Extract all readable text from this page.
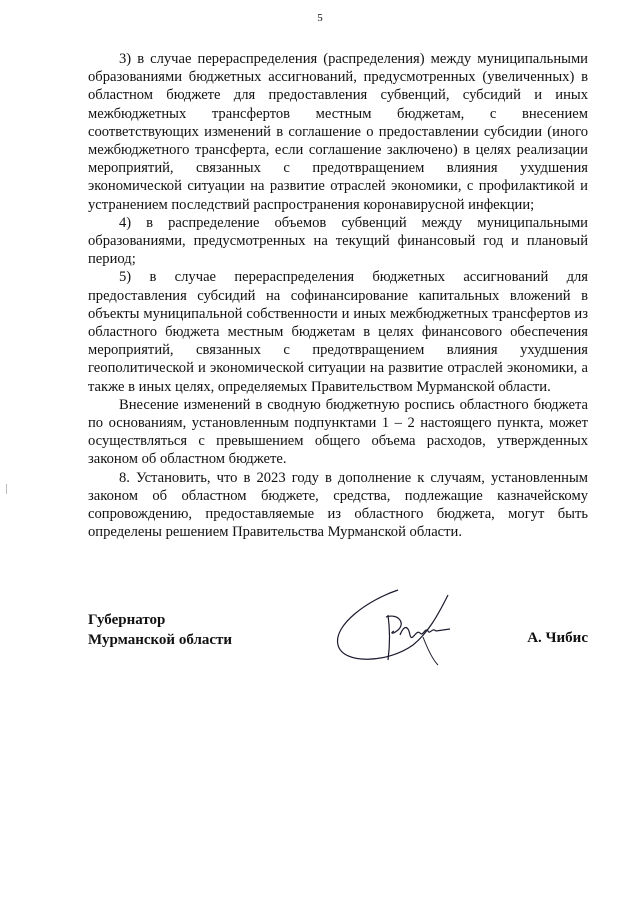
5

3) в случае перераспределения (распределения) между муниципальными образованиями бюджетных ассигнований, предусмотренных (увеличенных) в областном бюджете для предоставления субвенций, субсидий и иных межбюджетных трансфертов местным бюджетам, с внесением соответствующих изменений в соглашение о предоставлении субсидии (иного межбюджетного трансферта, если соглашение заключено) в целях реализации мероприятий, связанных с предотвращением влияния ухудшения экономической ситуации на развитие отраслей экономики, с профилактикой и устранением последствий распространения коронавирусной инфекции;

4) в распределение объемов субвенций между муниципальными образованиями, предусмотренных на текущий финансовый год и плановый период;

5) в случае перераспределения бюджетных ассигнований для предоставления субсидий на софинансирование капитальных вложений в объекты муниципальной собственности и иных межбюджетных трансфертов из областного бюджета местным бюджетам в целях финансового обеспечения мероприятий, связанных с предотвращением влияния ухудшения геополитической и экономической ситуации на развитие отраслей экономики, а также в иных целях, определяемых Правительством Мурманской области.

Внесение изменений в сводную бюджетную роспись областного бюджета по основаниям, установленным подпунктами 1 – 2 настоящего пункта, может осуществляться с превышением общего объема расходов, утвержденных законом об областном бюджете.

8. Установить, что в 2023 году в дополнение к случаям, установленным законом об областном бюджете, средства, подлежащие казначейскому сопровождению, предоставляемые из областного бюджета, могут быть определены решением Правительства Мурманской области.

Губернатор
Мурманской области	А. Чибис
